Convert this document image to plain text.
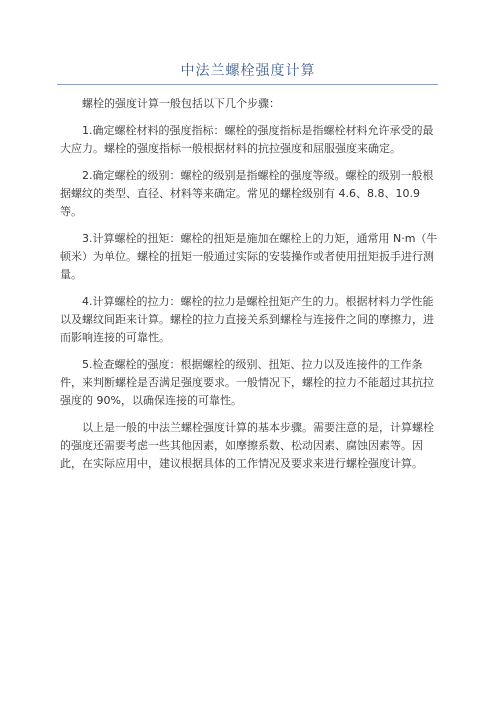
中法兰螺栓强度计算

螺栓的强度计算一般包括以下几个步骤：

1.确定螺栓材料的强度指标：螺栓的强度指标是指螺栓材料允许承受的最大应力。螺栓的强度指标一般根据材料的抗拉强度和屈服强度来确定。

2.确定螺栓的级别：螺栓的级别是指螺栓的强度等级。螺栓的级别一般根据螺纹的类型、直径、材料等来确定。常见的螺栓级别有 4.6、8.8、10.9 等。

3.计算螺栓的扭矩：螺栓的扭矩是施加在螺栓上的力矩，通常用 N·m（牛顿米）为单位。螺栓的扭矩一般通过实际的安装操作或者使用扭矩扳手进行测量。

4.计算螺栓的拉力：螺栓的拉力是螺栓扭矩产生的力。根据材料力学性能以及螺纹间距来计算。螺栓的拉力直接关系到螺栓与连接件之间的摩擦力，进而影响连接的可靠性。

5.检查螺栓的强度：根据螺栓的级别、扭矩、拉力以及连接件的工作条件，来判断螺栓是否满足强度要求。一般情况下，螺栓的拉力不能超过其抗拉强度的 90%，以确保连接的可靠性。

以上是一般的中法兰螺栓强度计算的基本步骤。需要注意的是，计算螺栓的强度还需要考虑一些其他因素，如摩擦系数、松动因素、腐蚀因素等。因此，在实际应用中，建议根据具体的工作情况及要求来进行螺栓强度计算。
